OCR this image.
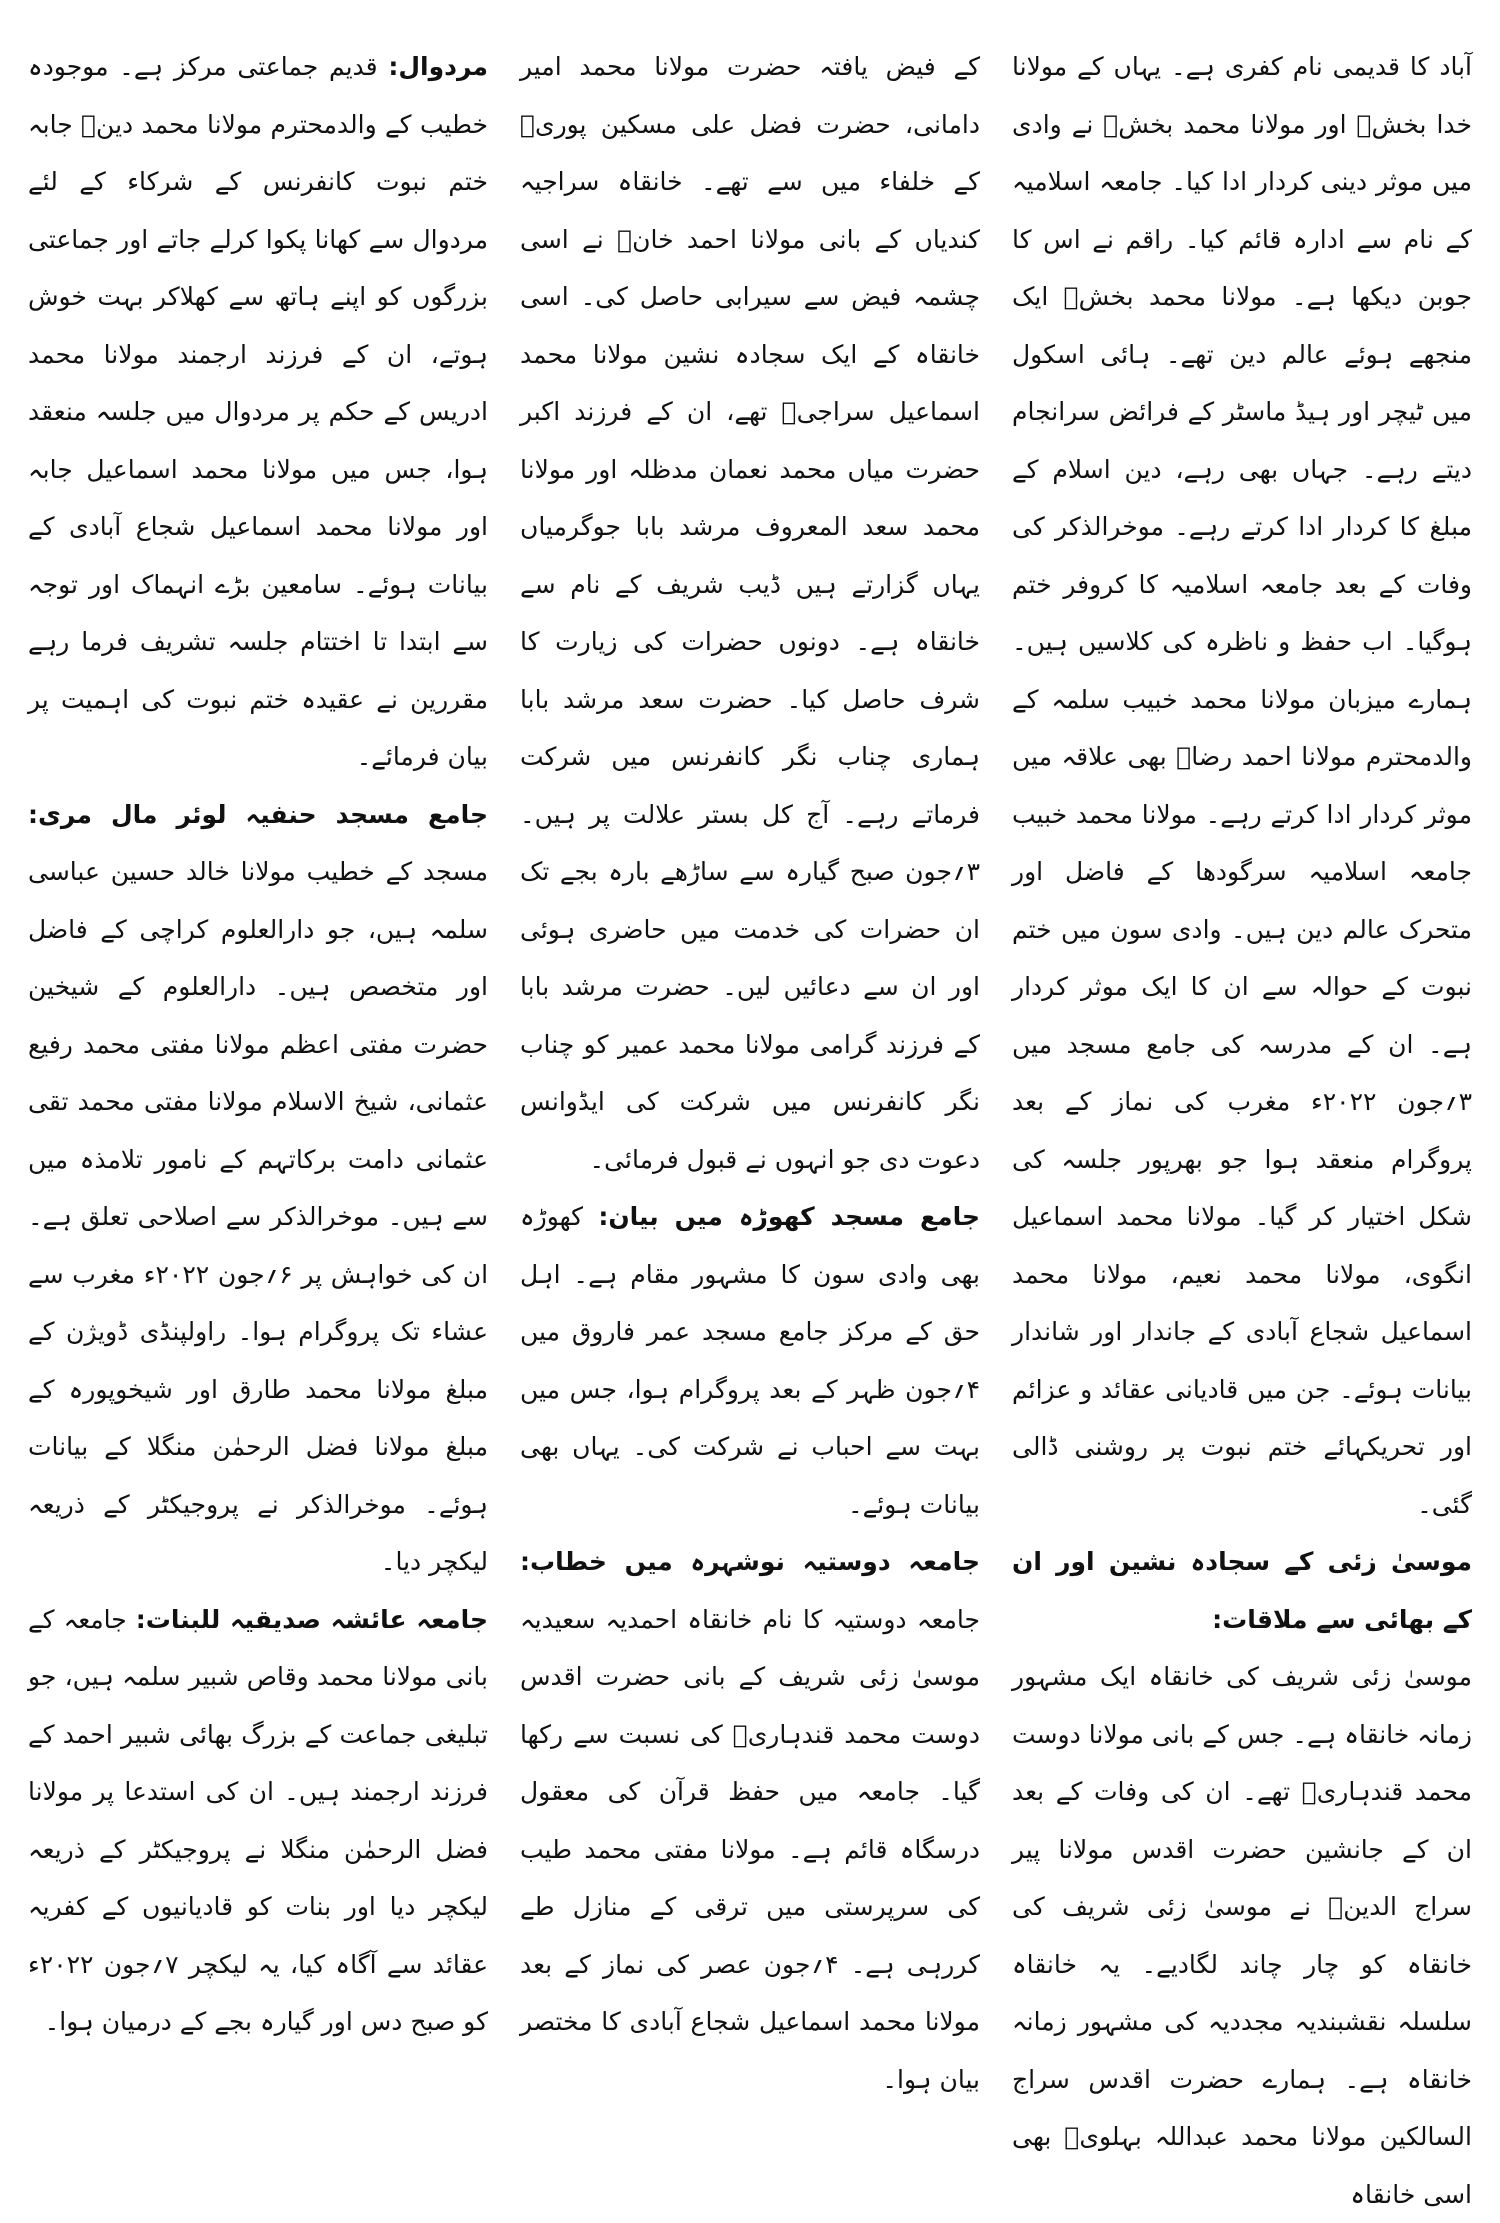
آباد کا قدیمی نام کفری ہے۔ یہاں کے مولانا خدا بخشؒ اور مولانا محمد بخشؒ نے وادی میں موثر دینی کردار ادا کیا۔ جامعہ اسلامیہ کے نام سے ادارہ قائم کیا۔ راقم نے اس کا جوبن دیکھا ہے۔ مولانا محمد بخشؒ ایک منجھے ہوئے عالم دین تھے۔ ہائی اسکول میں ٹیچر اور ہیڈ ماسٹر کے فرائض سرانجام دیتے رہے۔ جہاں بھی رہے، دین اسلام کے مبلغ کا کردار ادا کرتے رہے۔ موخرالذکر کی وفات کے بعد جامعہ اسلامیہ کا کروفر ختم ہوگیا۔ اب حفظ و ناظرہ کی کلاسیں ہیں۔ ہمارے میزبان مولانا محمد خبیب سلمہ کے والدمحترم مولانا احمد رضاؒ بھی علاقہ میں موثر کردار ادا کرتے رہے۔ مولانا محمد خبیب جامعہ اسلامیہ سرگودھا کے فاضل اور متحرک عالم دین ہیں۔ وادی سون میں ختم نبوت کے حوالہ سے ان کا ایک موثر کردار ہے۔ ان کے مدرسہ کی جامع مسجد میں ۳؍جون ۲۰۲۲ء مغرب کی نماز کے بعد پروگرام منعقد ہوا جو بھرپور جلسہ کی شکل اختیار کر گیا۔ مولانا محمد اسماعیل انگوی، مولانا محمد نعیم، مولانا محمد اسماعیل شجاع آبادی کے جاندار اور شاندار بیانات ہوئے۔ جن میں قادیانی عقائد و عزائم اور تحریکہائے ختم نبوت پر روشنی ڈالی گئی۔

موسیٰ زئی کے سجادہ نشین اور ان کے بھائی سے ملاقات:
موسیٰ زئی شریف کی خانقاہ ایک مشہور زمانہ خانقاہ ہے۔ جس کے بانی مولانا دوست محمد قندہاریؒ تھے۔ ان کی وفات کے بعد ان کے جانشین حضرت اقدس مولانا پیر سراج الدینؒ نے موسیٰ زئی شریف کی خانقاہ کو چار چاند لگادیے۔ یہ خانقاہ سلسلہ نقشبندیہ مجددیہ کی مشہور زمانہ خانقاہ ہے۔ ہمارے حضرت اقدس سراج السالکین مولانا محمد عبداللہ بہلویؒ بھی اسی خانقاہ

کے فیض یافتہ حضرت مولانا محمد امیر دامانی، حضرت فضل علی مسکین پوریؒ کے خلفاء میں سے تھے۔ خانقاہ سراجیہ کندیاں کے بانی مولانا احمد خانؒ نے اسی چشمہ فیض سے سیرابی حاصل کی۔ اسی خانقاہ کے ایک سجادہ نشین مولانا محمد اسماعیل سراجیؒ تھے، ان کے فرزند اکبر حضرت میاں محمد نعمان مدظلہ اور مولانا محمد سعد المعروف مرشد بابا جوگرمیاں یہاں گزارتے ہیں ڈیب شریف کے نام سے خانقاہ ہے۔ دونوں حضرات کی زیارت کا شرف حاصل کیا۔ حضرت سعد مرشد بابا ہماری چناب نگر کانفرنس میں شرکت فرماتے رہے۔ آج کل بستر علالت پر ہیں۔ ۳؍جون صبح گیارہ سے ساڑھے بارہ بجے تک ان حضرات کی خدمت میں حاضری ہوئی اور ان سے دعائیں لیں۔ حضرت مرشد بابا کے فرزند گرامی مولانا محمد عمیر کو چناب نگر کانفرنس میں شرکت کی ایڈوانس دعوت دی جو انہوں نے قبول فرمائی۔

جامع مسجد کھوڑہ میں بیان: کھوڑہ بھی وادی سون کا مشہور مقام ہے۔ اہل حق کے مرکز جامع مسجد عمر فاروق میں ۴؍جون ظہر کے بعد پروگرام ہوا، جس میں بہت سے احباب نے شرکت کی۔ یہاں بھی بیانات ہوئے۔

جامعہ دوستیہ نوشہرہ میں خطاب: جامعہ دوستیہ کا نام خانقاہ احمدیہ سعیدیہ موسیٰ زئی شریف کے بانی حضرت اقدس دوست محمد قندہاریؒ کی نسبت سے رکھا گیا۔ جامعہ میں حفظ قرآن کی معقول درسگاہ قائم ہے۔ مولانا مفتی محمد طیب کی سرپرستی میں ترقی کے منازل طے کررہی ہے۔ ۴؍جون عصر کی نماز کے بعد مولانا محمد اسماعیل شجاع آبادی کا مختصر بیان ہوا۔

مردوال: قدیم جماعتی مرکز ہے۔ موجودہ خطیب کے والدمحترم مولانا محمد دینؒ جابہ ختم نبوت کانفرنس کے شرکاء کے لئے مردوال سے کھانا پکوا کرلے جاتے اور جماعتی بزرگوں کو اپنے ہاتھ سے کھلاکر بہت خوش ہوتے، ان کے فرزند ارجمند مولانا محمد ادریس کے حکم پر مردوال میں جلسہ منعقد ہوا، جس میں مولانا محمد اسماعیل جابہ اور مولانا محمد اسماعیل شجاع آبادی کے بیانات ہوئے۔ سامعین بڑے انہماک اور توجہ سے ابتدا تا اختتام جلسہ تشریف فرما رہے مقررین نے عقیدہ ختم نبوت کی اہمیت پر بیان فرمائے۔

جامع مسجد حنفیہ لوئر مال مری: مسجد کے خطیب مولانا خالد حسین عباسی سلمہ ہیں، جو دارالعلوم کراچی کے فاضل اور متخصص ہیں۔ دارالعلوم کے شیخین حضرت مفتی اعظم مولانا مفتی محمد رفیع عثمانی، شیخ الاسلام مولانا مفتی محمد تقی عثمانی دامت برکاتہم کے نامور تلامذہ میں سے ہیں۔ موخرالذکر سے اصلاحی تعلق ہے۔ ان کی خواہش پر ۶؍جون ۲۰۲۲ء مغرب سے عشاء تک پروگرام ہوا۔ راولپنڈی ڈویژن کے مبلغ مولانا محمد طارق اور شیخوپورہ کے مبلغ مولانا فضل الرحمٰن منگلا کے بیانات ہوئے۔ موخرالذکر نے پروجیکٹر کے ذریعہ لیکچر دیا۔

جامعہ عائشہ صدیقیہ للبنات: جامعہ کے بانی مولانا محمد وقاص شبیر سلمہ ہیں، جو تبلیغی جماعت کے بزرگ بھائی شبیر احمد کے فرزند ارجمند ہیں۔ ان کی استدعا پر مولانا فضل الرحمٰن منگلا نے پروجیکٹر کے ذریعہ لیکچر دیا اور بنات کو قادیانیوں کے کفریہ عقائد سے آگاہ کیا، یہ لیکچر ۷؍جون ۲۰۲۲ء کو صبح دس اور گیارہ بجے کے درمیان ہوا۔
